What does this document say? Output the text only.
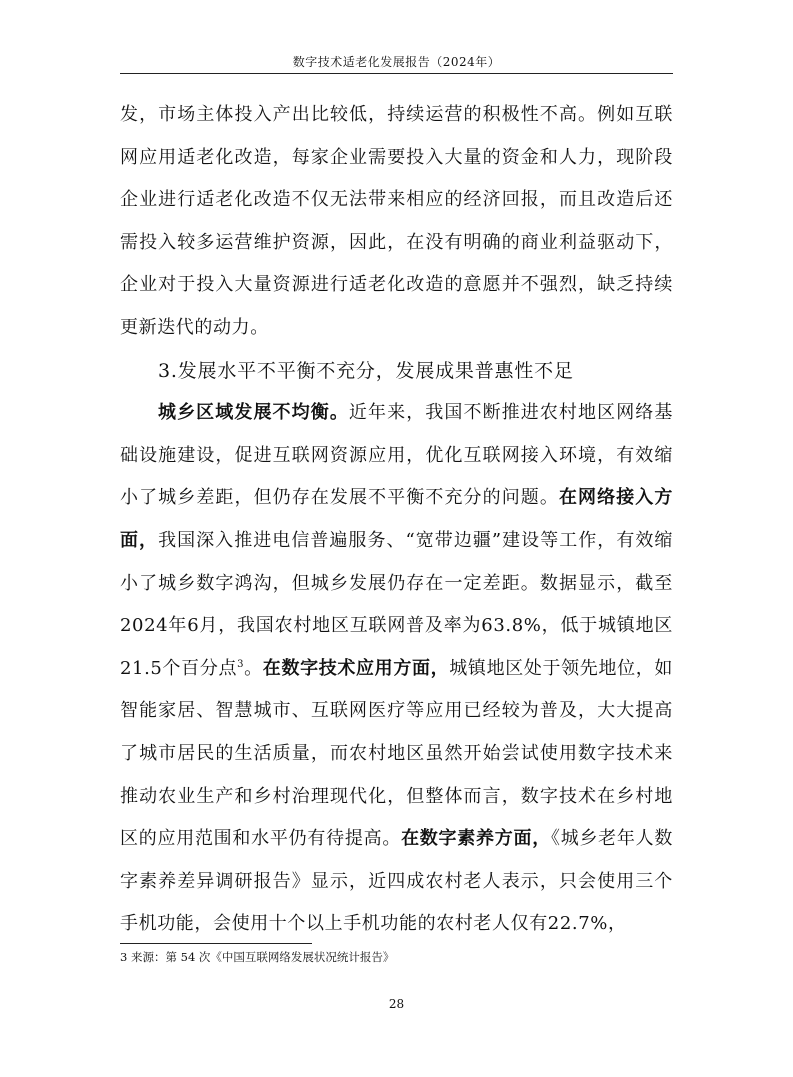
数字技术适老化发展报告（2024年）

发，市场主体投入产出比较低，持续运营的积极性不高。例如互联网应用适老化改造，每家企业需要投入大量的资金和人力，现阶段企业进行适老化改造不仅无法带来相应的经济回报，而且改造后还需投入较多运营维护资源，因此，在没有明确的商业利益驱动下，企业对于投入大量资源进行适老化改造的意愿并不强烈，缺乏持续更新迭代的动力。

3.发展水平不平衡不充分，发展成果普惠性不足

城乡区域发展不均衡。近年来，我国不断推进农村地区网络基础设施建设，促进互联网资源应用，优化互联网接入环境，有效缩小了城乡差距，但仍存在发展不平衡不充分的问题。在网络接入方面，我国深入推进电信普遍服务、“宽带边疆”建设等工作，有效缩小了城乡数字鸿沟，但城乡发展仍存在一定差距。数据显示，截至2024年6月，我国农村地区互联网普及率为63.8%，低于城镇地区21.5个百分点$^3$。在数字技术应用方面，城镇地区处于领先地位，如智能家居、智慧城市、互联网医疗等应用已经较为普及，大大提高了城市居民的生活质量，而农村地区虽然开始尝试使用数字技术来推动农业生产和乡村治理现代化，但整体而言，数字技术在乡村地区的应用范围和水平仍有待提高。在数字素养方面，《城乡老年人数字素养差异调研报告》显示，近四成农村老人表示，只会使用三个手机功能，会使用十个以上手机功能的农村老人仅有22.7%，

3 来源：第 54 次《中国互联网络发展状况统计报告》
28
